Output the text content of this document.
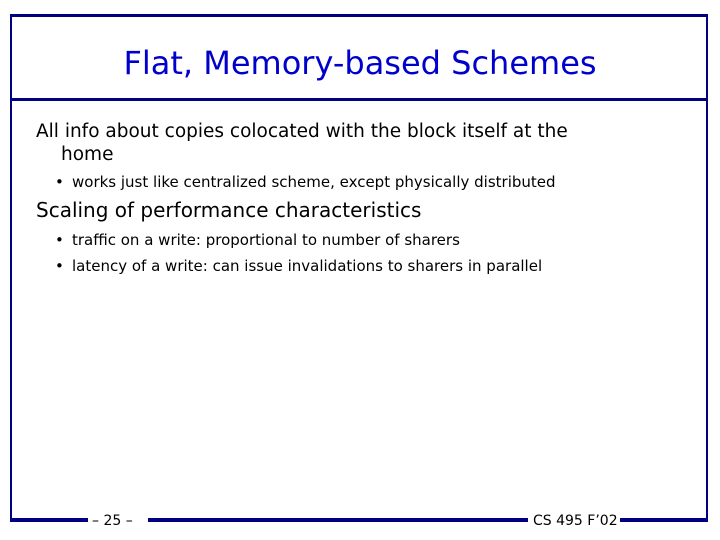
Flat, Memory-based Schemes
All info about copies colocated with the block itself at the
home
• works just like centralized scheme, except physically distributed
Scaling of performance characteristics
• traffic on a write: proportional to number of sharers
• latency of a write: can issue invalidations to sharers in parallel
– 25 –	CS 495 F’02
